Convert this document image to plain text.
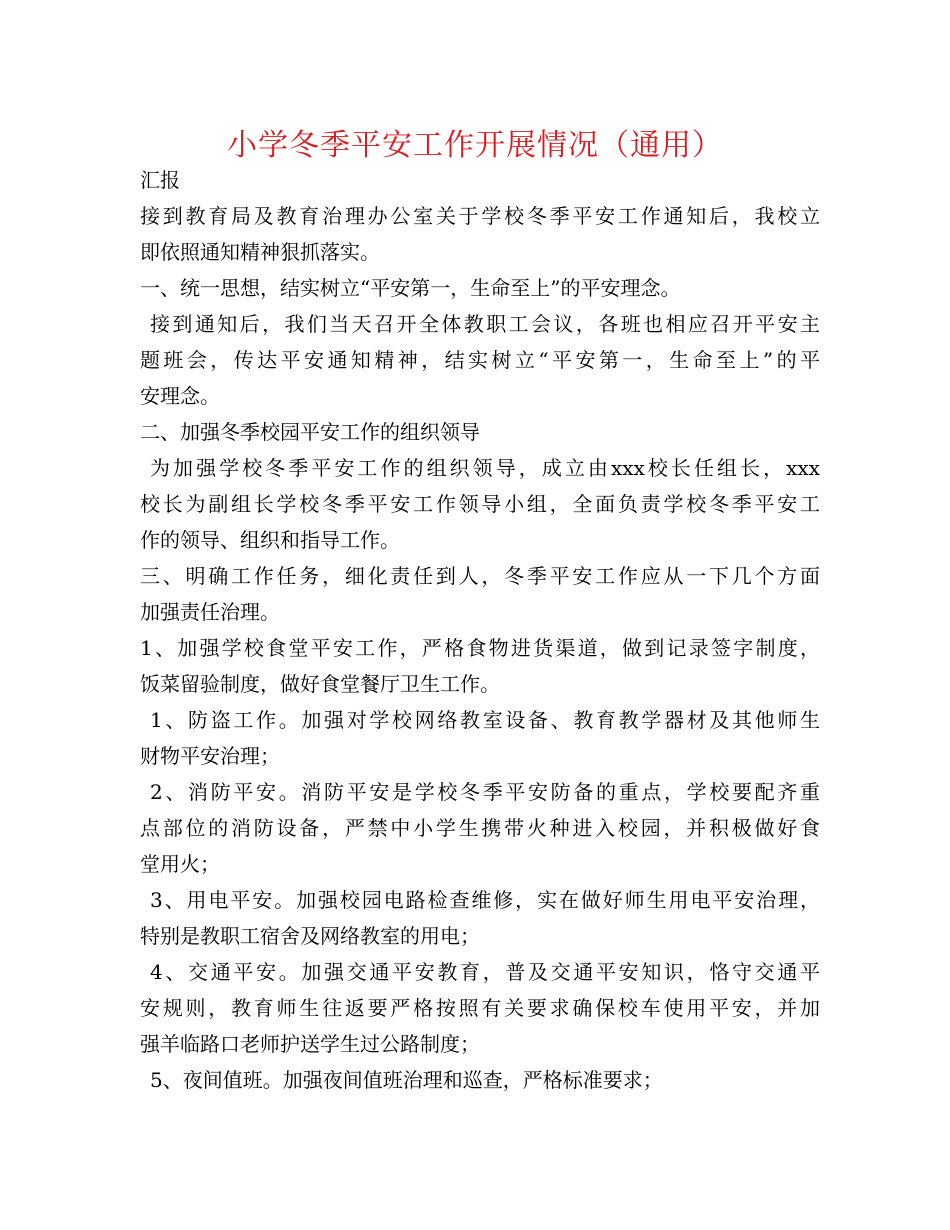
小学冬季平安工作开展情况（通用）

汇报

接到教育局及教育治理办公室关于学校冬季平安工作通知后，我校立

即依照通知精神狠抓落实。

一、统一思想，结实树立“平安第一，生命至上”的平安理念。

接到通知后，我们当天召开全体教职工会议，各班也相应召开平安主

题班会，传达平安通知精神，结实树立“平安第一，生命至上”的平

安理念。

二、加强冬季校园平安工作的组织领导

为加强学校冬季平安工作的组织领导，成立由xxx校长任组长，xxx

校长为副组长学校冬季平安工作领导小组，全面负责学校冬季平安工

作的领导、组织和指导工作。

三、明确工作任务，细化责任到人，冬季平安工作应从一下几个方面

加强责任治理。

1、加强学校食堂平安工作，严格食物进货渠道，做到记录签字制度，

饭菜留验制度，做好食堂餐厅卫生工作。

1、防盗工作。加强对学校网络教室设备、教育教学器材及其他师生

财物平安治理；

2、消防平安。消防平安是学校冬季平安防备的重点，学校要配齐重

点部位的消防设备，严禁中小学生携带火种进入校园，并积极做好食

堂用火；

3、用电平安。加强校园电路检查维修，实在做好师生用电平安治理，

特别是教职工宿舍及网络教室的用电；

4、交通平安。加强交通平安教育，普及交通平安知识，恪守交通平

安规则，教育师生往返要严格按照有关要求确保校车使用平安，并加

强羊临路口老师护送学生过公路制度；

5、夜间值班。加强夜间值班治理和巡查，严格标准要求；
